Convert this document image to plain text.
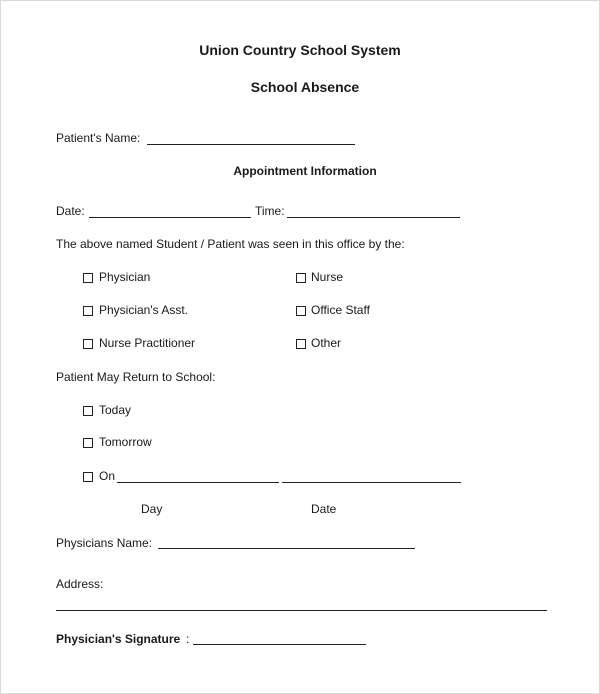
Union Country School System
School Absence
Patient's Name:
Appointment Information
Date:	Time:
The above named Student / Patient was seen in this office by the:
Physician	Nurse
Physician's Asst.	Office Staff
Nurse Practitioner	Other
Patient May Return to School:
Today
Tomorrow
On
Day	Date
Physicians Name:
Address:
Physician's Signature :
